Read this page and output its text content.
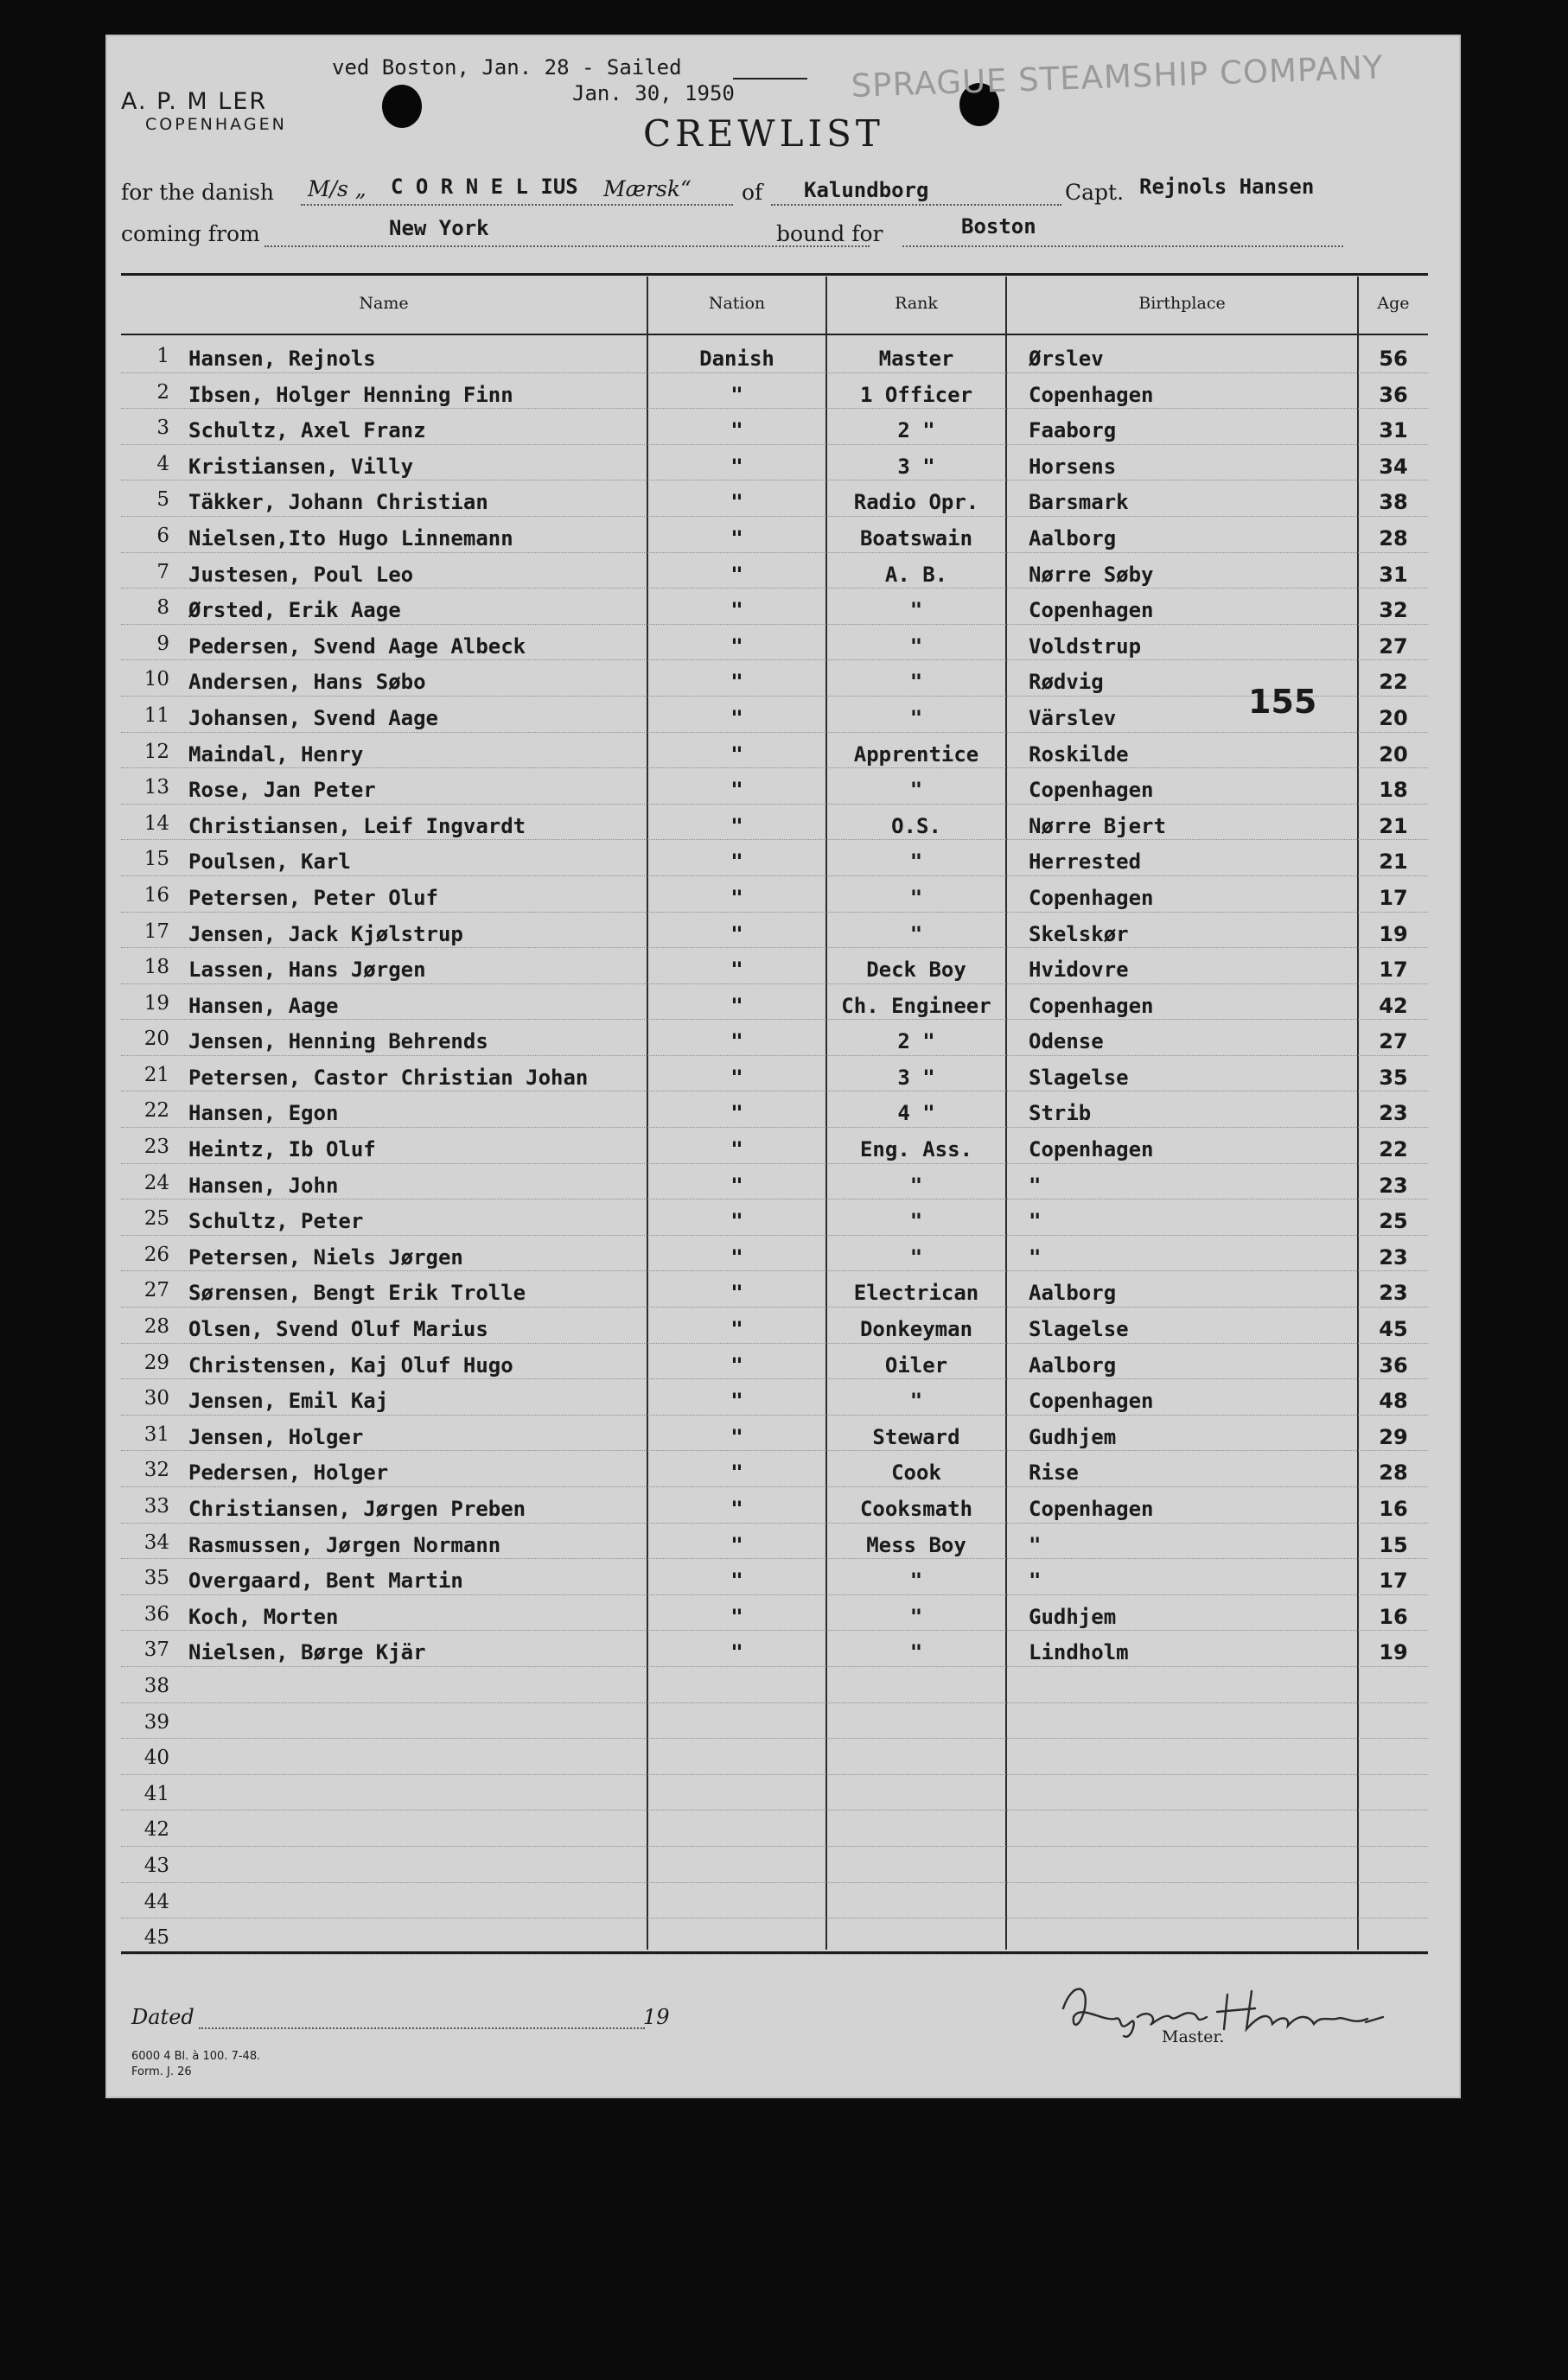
A. P. M LER
COPENHAGEN
ved Boston, Jan. 28 - Sailed
Jan. 30, 1950	SPRAGUE STEAMSHIP COMPANY
CREWLIST
for the danish M/s „ C O R N E L IUS Mærsk“ of Kalundborg	Capt. Rejnols Hansen
coming from	New York	bound for	Boston
Name	Nation	Rank	Birthplace	Age
1 Hansen, Rejnols	Danish	Master	Ørslev	56
2 Ibsen, Holger Henning Finn	"	1 Officer	Copenhagen	36
3 Schultz, Axel Franz	"	2 "	Faaborg	31
4 Kristiansen, Villy	"	3 "	Horsens	34
5 Täkker, Johann Christian	"	Radio Opr.	Barsmark	38
6 Nielsen,Ito Hugo Linnemann	"	Boatswain	Aalborg	28
7 Justesen, Poul Leo	"	A. B.	Nørre Søby	31
8 Ørsted, Erik Aage	"	"	Copenhagen	32
9 Pedersen, Svend Aage Albeck	"	"	Voldstrup	27
10 Andersen, Hans Søbo	"	"	Rødvig	22
11 Johansen, Svend Aage	"	"	Värslev	20
12 Maindal, Henry	"	Apprentice	Roskilde	20
13 Rose, Jan Peter	"	"	Copenhagen	18
14 Christiansen, Leif Ingvardt	"	O.S.	Nørre Bjert	21
15 Poulsen, Karl	"	"	Herrested	21
16 Petersen, Peter Oluf	"	"	Copenhagen	17
17 Jensen, Jack Kjølstrup	"	"	Skelskør	19
18 Lassen, Hans Jørgen	"	Deck Boy	Hvidovre	17
19 Hansen, Aage	"	Ch. Engineer	Copenhagen	42
20 Jensen, Henning Behrends	"	2 "	Odense	27
21 Petersen, Castor Christian Johan	"	3 "	Slagelse	35
22 Hansen, Egon	"	4 "	Strib	23
23 Heintz, Ib Oluf	"	Eng. Ass.	Copenhagen	22
24 Hansen, John	"	"	"	23
25 Schultz, Peter	"	"	"	25
26 Petersen, Niels Jørgen	"	"	"	23
27 Sørensen, Bengt Erik Trolle	"	Electrican	Aalborg	23
28 Olsen, Svend Oluf Marius	"	Donkeyman	Slagelse	45
29 Christensen, Kaj Oluf Hugo	"	Oiler	Aalborg	36
30 Jensen, Emil Kaj	"	"	Copenhagen	48
31 Jensen, Holger	"	Steward	Gudhjem	29
32 Pedersen, Holger	"	Cook	Rise	28
33 Christiansen, Jørgen Preben	"	Cooksmath	Copenhagen	16
34 Rasmussen, Jørgen Normann	"	Mess Boy	"	15
35 Overgaard, Bent Martin	"	"	"	17
36 Koch, Morten	"	"	Gudhjem	16
37 Nielsen, Børge Kjär	"	"	Lindholm	19
38
39
40
41
42
43
44
45
155
Dated	19
Master.
6000 4 Bl. à 100. 7-48.
Form. J. 26
